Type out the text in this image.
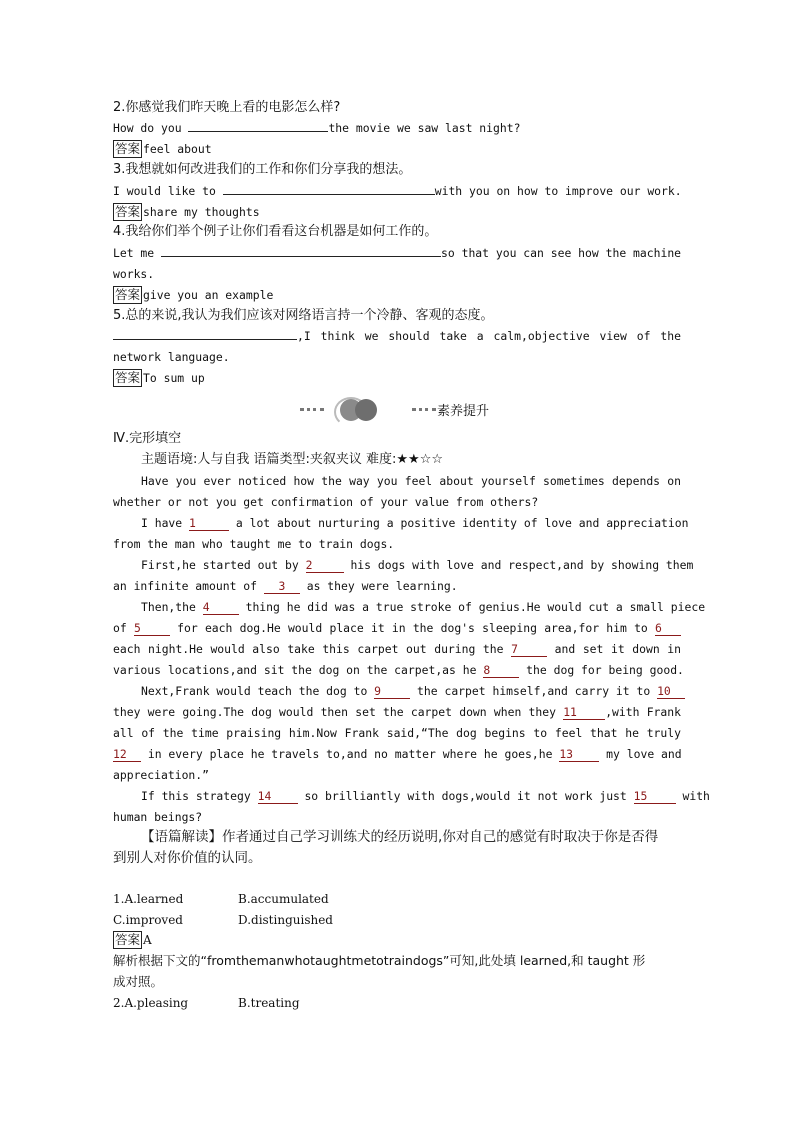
2.你感觉我们昨天晚上看的电影怎么样?
How do you	the movie we saw last night?
答案 feel about
3.我想就如何改进我们的工作和你们分享我的想法。
I would like to	with you on how to improve our work.
答案 share my thoughts
4.我给你们举个例子让你们看看这台机器是如何工作的。
Let me	so that you can see how the machine
works.
答案 give you an example
5.总的来说,我认为我们应该对网络语言持一个冷静、客观的态度。
,I think we should take a calm,objective view of the
network language.
答案 To sum up
素养提升
Ⅳ.完形填空
主题语境:人与自我 语篇类型:夹叙夹议 难度:★★☆☆
Have you ever noticed how the way you feel about yourself sometimes depends on
whether or not you get confirmation of your value from others?
I have 1	a lot about nurturing a positive identity of love and appreciation
from the man who taught me to train dogs.
First,he started out by 2	his dogs with love and respect,and by showing them
an infinite amount of 3 as they were learning.
Then,the 4	thing he did was a true stroke of genius.He would cut a small piece
of 5	for each dog.He would place it in the dog's sleeping area,for him to 6
each night.He would also take this carpet out during the 7	and set it down in
various locations,and sit the dog on the carpet,as he 8	the dog for being good.
Next,Frank would teach the dog to 9	the carpet himself,and carry it to 10
they were going.The dog would then set the carpet down when they 11 ,with Frank
all of the time praising him.Now Frank said,“The dog begins to feel that he truly
12 in every place he travels to,and no matter where he goes,he 13 my love and
appreciation.”
If this strategy 14 so brilliantly with dogs,would it not work just 15 with
human beings?
【语篇解读】作者通过自己学习训练犬的经历说明,你对自己的感觉有时取决于你是否得
到别人对你价值的认同。
1.A.learned	B.accumulated
C.improved	D.distinguished
答案 A
解析根据下文的“fromthemanwhotaughtmetotraindogs”可知,此处填 learned,和 taught 形
成对照。
2.A.pleasing	B.treating
